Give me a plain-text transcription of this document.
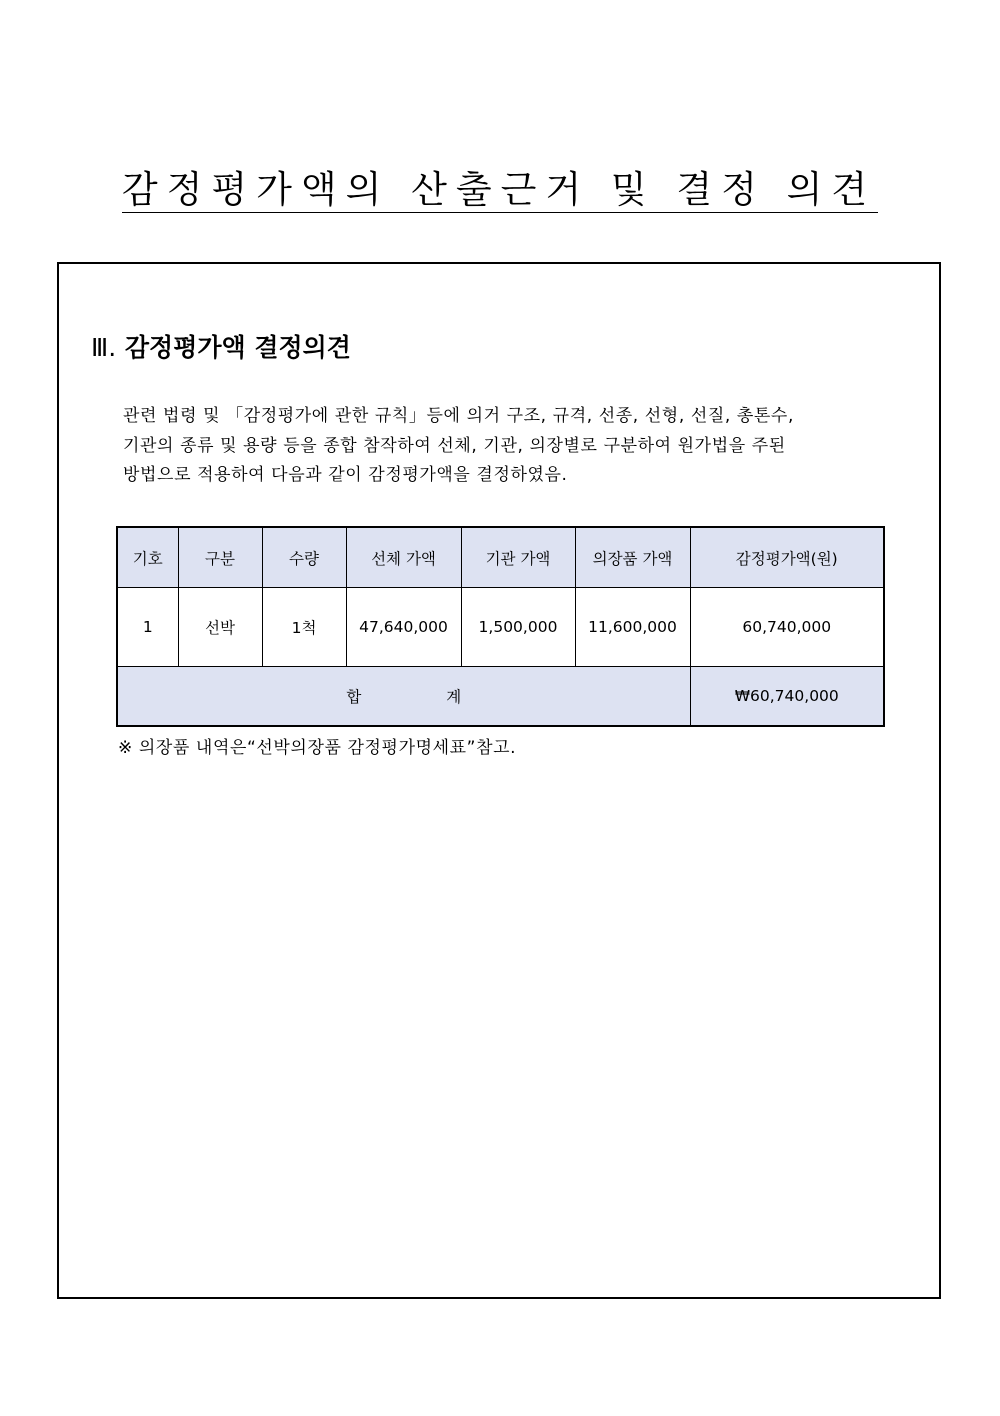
감정평가액의 산출근거 및 결정 의견
Ⅲ. 감정평가액 결정의견
관련 법령 및 「감정평가에 관한 규칙」등에 의거 구조, 규격, 선종, 선형, 선질, 총톤수,
기관의 종류 및 용량 등을 종합 참작하여 선체, 기관, 의장별로 구분하여 원가법을 주된
방법으로 적용하여 다음과 같이 감정평가액을 결정하였음.
기호	구분	수량	선체 가액	기관 가액	의장품 가액	감정평가액(원)
1	선박	1척	47,640,000	1,500,000	11,600,000	60,740,000
합 계						₩60,740,000
※ 의장품 내역은“선박의장품 감정평가명세표”참고.
